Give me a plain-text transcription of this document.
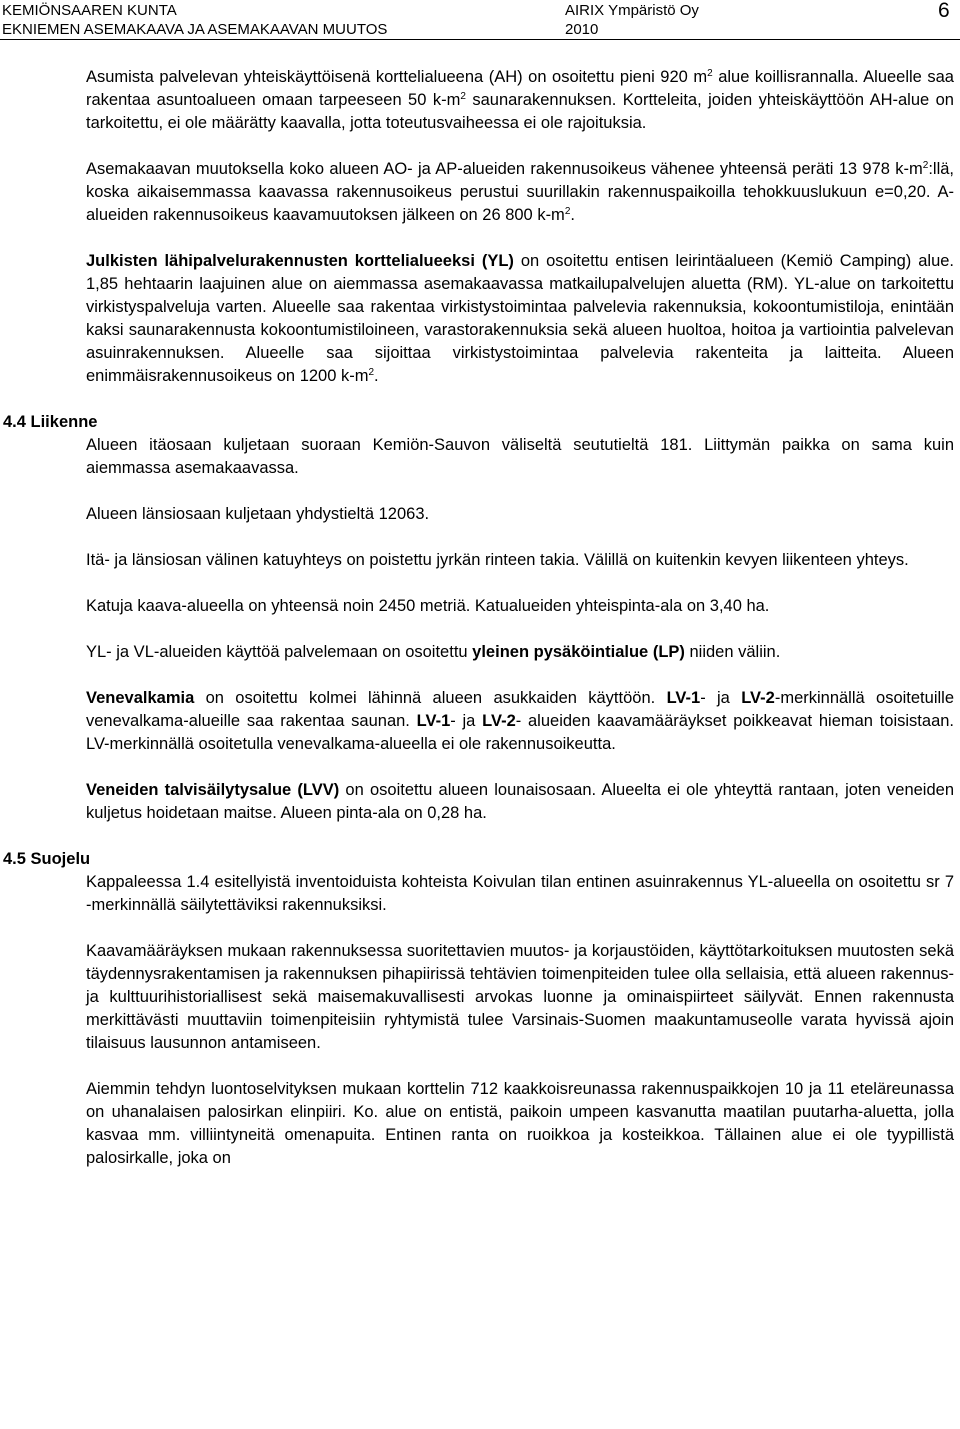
KEMIÖNSAAREN KUNTA	AIRIX Ympäristö Oy	6
EKNIEMEN ASEMAKAAVA JA ASEMAKAAVAN MUUTOS	2010

Asumista palvelevan yhteiskäyttöisenä korttelialueena (AH) on osoitettu pieni 920 $m^2$ alue koillisrannalla. Alueelle saa rakentaa asuntoalueen omaan tarpeeseen 50 $k-m^2$ saunarakennuksen. Kortteleita, joiden yhteiskäyttöön AH-alue on tarkoitettu, ei ole määrätty kaavalla, jotta toteutusvaiheessa ei ole rajoituksia.

Asemakaavan muutoksella koko alueen AO- ja AP-alueiden rakennusoikeus vähenee yhteensä peräti 13 978 $k-m^2:llä$, koska aikaisemmassa kaavassa rakennusoikeus perustui suurillakin rakennuspaikoilla tehokkuuslukuun e=0,20. A-alueiden rakennusoikeus kaavamuutoksen jälkeen on 26 800 $k-m^2$.

Julkisten lähipalvelurakennusten korttelialueeksi (YL) on osoitettu entisen leirintäalueen (Kemiö Camping) alue. 1,85 hehtaarin laajuinen alue on aiemmassa asemakaavassa matkailupalvelujen aluetta (RM). YL-alue on tarkoitettu virkistyspalveluja varten. Alueelle saa rakentaa virkistystoimintaa palvelevia rakennuksia, kokoontumistiloja, enintään kaksi saunarakennusta kokoontumistiloineen, varastorakennuksia sekä alueen huoltoa, hoitoa ja vartiointia palvelevan asuinrakennuksen. Alueelle saa sijoittaa virkistystoimintaa palvelevia rakenteita ja laitteita. Alueen enimmäisrakennusoikeus on 1200 $k-m^2$.

4.4 Liikenne

Alueen itäosaan kuljetaan suoraan Kemiön-Sauvon väliseltä seututieltä 181. Liittymän paikka on sama kuin aiemmassa asemakaavassa.

Alueen länsiosaan kuljetaan yhdystieltä 12063.

Itä- ja länsiosan välinen katuyhteys on poistettu jyrkän rinteen takia. Välillä on kuitenkin kevyen liikenteen yhteys.

Katuja kaava-alueella on yhteensä noin 2450 metriä. Katualueiden yhteispinta-ala on 3,40 ha.

YL- ja VL-alueiden käyttöä palvelemaan on osoitettu yleinen pysäköintialue (LP) niiden väliin.

Venevalkamia on osoitettu kolmei lähinnä alueen asukkaiden käyttöön. LV-1- ja LV-2-merkinnällä osoitetuille venevalkama-alueille saa rakentaa saunan. LV-1- ja LV-2- alueiden kaavamääräykset poikkeavat hieman toisistaan. LV-merkinnällä osoitetulla venevalkama-alueella ei ole rakennusoikeutta.

Veneiden talvisäilytysalue (LVV) on osoitettu alueen lounaisosaan. Alueelta ei ole yhteyttä rantaan, joten veneiden kuljetus hoidetaan maitse. Alueen pinta-ala on 0,28 ha.

4.5 Suojelu

Kappaleessa 1.4 esitellyistä inventoiduista kohteista Koivulan tilan entinen asuinrakennus YL-alueella on osoitettu sr 7 -merkinnällä säilytettäviksi rakennuksiksi.

Kaavamääräyksen mukaan rakennuksessa suoritettavien muutos- ja korjaustöiden, käyttötarkoituksen muutosten sekä täydennysrakentamisen ja rakennuksen pihapiirissä tehtävien toimenpiteiden tulee olla sellaisia, että alueen rakennus- ja kulttuurihistoriallisest sekä maisemakuvallisesti arvokas luonne ja ominaispiirteet säilyvät. Ennen rakennusta merkittävästi muuttaviin toimenpiteisiin ryhtymistä tulee Varsinais-Suomen maakuntamuseolle varata hyvissä ajoin tilaisuus lausunnon antamiseen.

Aiemmin tehdyn luontoselvityksen mukaan korttelin 712 kaakkoisreunassa rakennuspaikkojen 10 ja 11 eteläreunassa on uhanalaisen palosirkan elinpiiri. Ko. alue on entistä, paikoin umpeen kasvanutta maatilan puutarha-aluetta, jolla kasvaa mm. villiintyneitä omenapuita. Entinen ranta on ruoikkoa ja kosteikkoa. Tällainen alue ei ole tyypillistä palosirkalle, joka on
